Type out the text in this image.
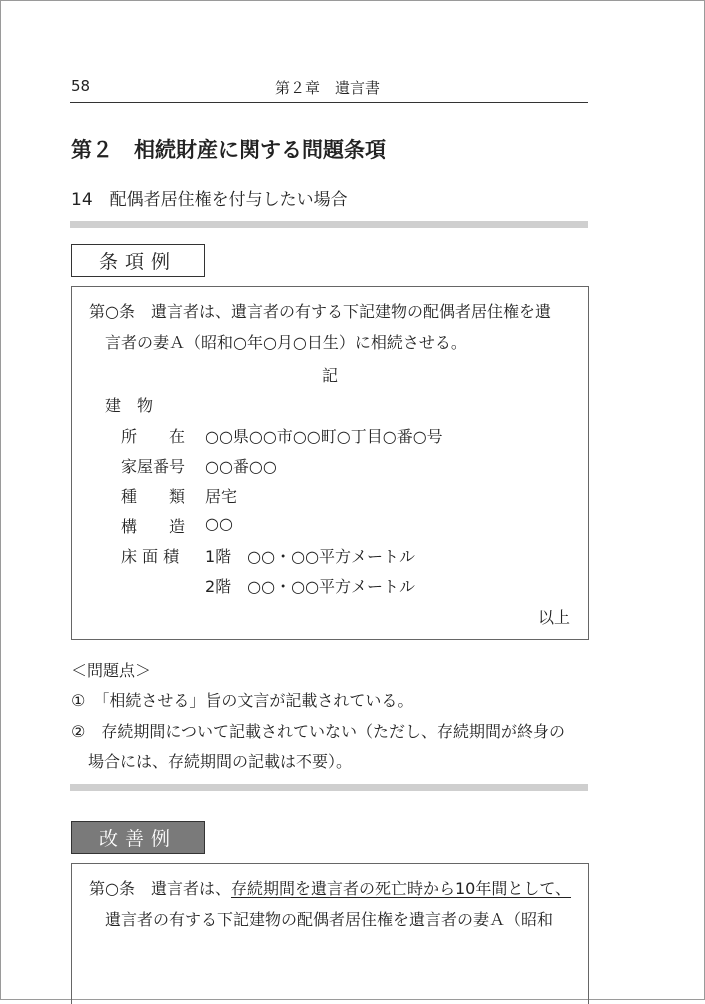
58	第２章　遺言書
第２　相続財産に関する問題条項
14　配偶者居住権を付与したい場合
条項例
第○条　遺言者は、遺言者の有する下記建物の配偶者居住権を遺
言者の妻Ａ（昭和○年○月○日生）に相続させる。
記
建　物
所　　在 ○○県○○市○○町○丁目○番○号
家屋番号 ○○番○○
種　　類 居宅
構　　造 ○○
床 面 積 1階　○○・○○平方メートル
2階　○○・○○平方メートル
以上
＜問題点＞
①　「相続させる」旨の文言が記載されている。
②　存続期間について記載されていない（ただし、存続期間が終身の
場合には、存続期間の記載は不要）。
改善例
第○条　遺言者は、存続期間を遺言者の死亡時から10年間として、
遺言者の有する下記建物の配偶者居住権を遺言者の妻Ａ（昭和
